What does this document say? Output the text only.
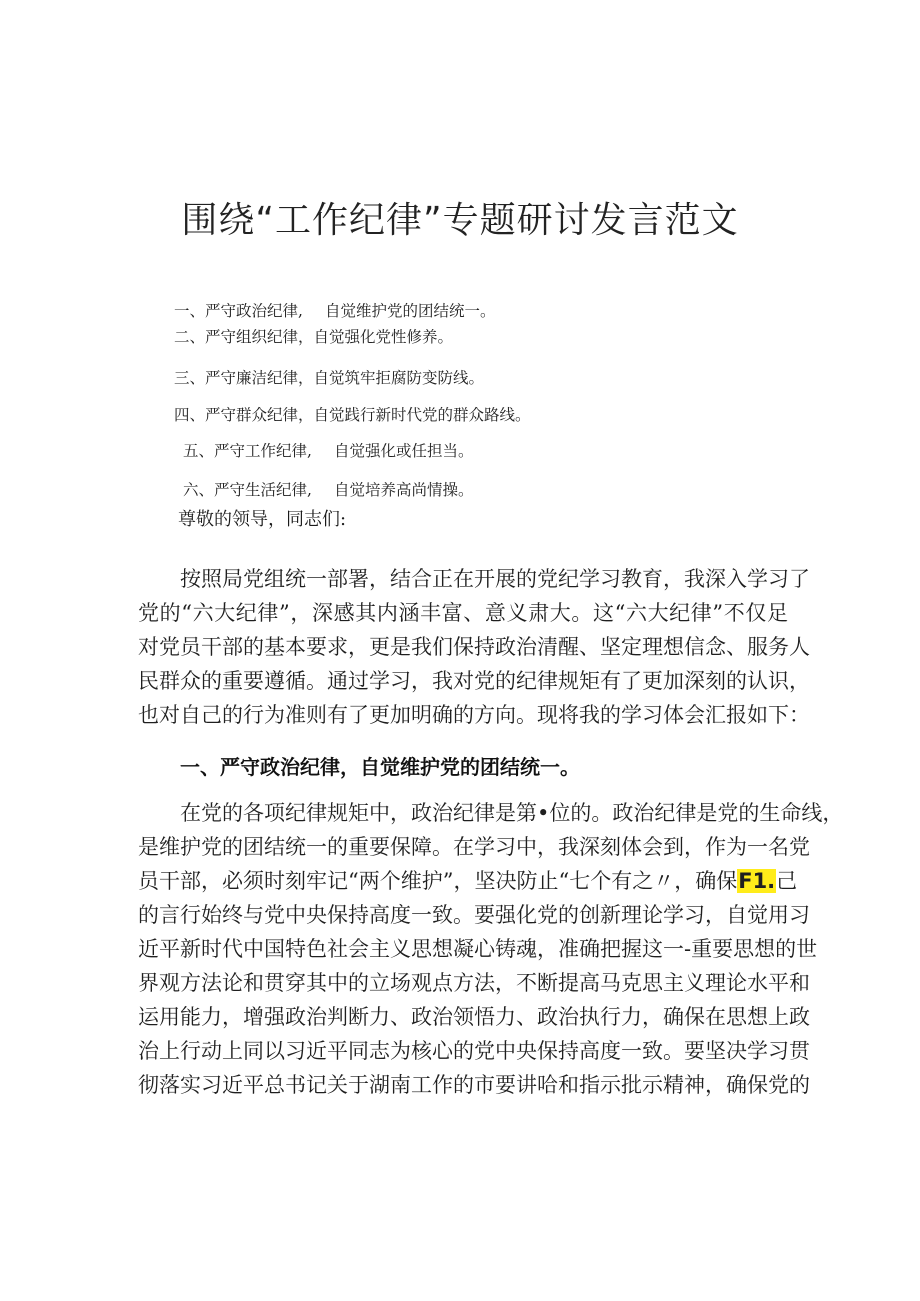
围绕“工作纪律”专题研讨发言范文
一、严守政治纪律, 自觉维护党的团结统一。
二、严守组织纪律，自觉强化党性修养。
三、严守廉洁纪律，自觉筑牢拒腐防变防线。
四、严守群众纪律，自觉践行新时代党的群众路线。
五、严守工作纪律, 自觉强化或任担当。
六、严守生活纪律, 自觉培养高尚情操。
尊敬的领导，同志们:
按照局党组统一部署，结合正在开展的党纪学习教育，我深入学习了
党的“六大纪律”，深感其内涵丰富、意义肃大。这“六大纪律”不仅足
对党员干部的基本要求，更是我们保持政治清醒、坚定理想信念、服务人
民群众的重要遵循。通过学习，我对党的纪律规矩有了更加深刻的认识，
也对自己的行为准则有了更加明确的方向。现将我的学习体会汇报如下：
一、严守政治纪律，自觉维护党的团结统一。
在党的各项纪律规矩中，政治纪律是第•位的。政治纪律是党的生命线，
是维护党的团结统一的重要保障。在学习中，我深刻体会到，作为一名党
员干部，必须时刻牢记“两个维护”，坚决防止“七个有之〃，确保F1.己
的言行始终与党中央保持高度一致。要强化党的创新理论学习，自觉用习
近平新时代中国特色社会主义思想凝心铸魂，准确把握这一-重要思想的世
界观方法论和贯穿其中的立场观点方法，不断提高马克思主义理论水平和
运用能力，增强政治判断力、政治领悟力、政治执行力，确保在思想上政
治上行动上同以习近平同志为核心的党中央保持高度一致。要坚决学习贯
彻落实习近平总书记关于湖南工作的市要讲哈和指示批示精神，确保党的
